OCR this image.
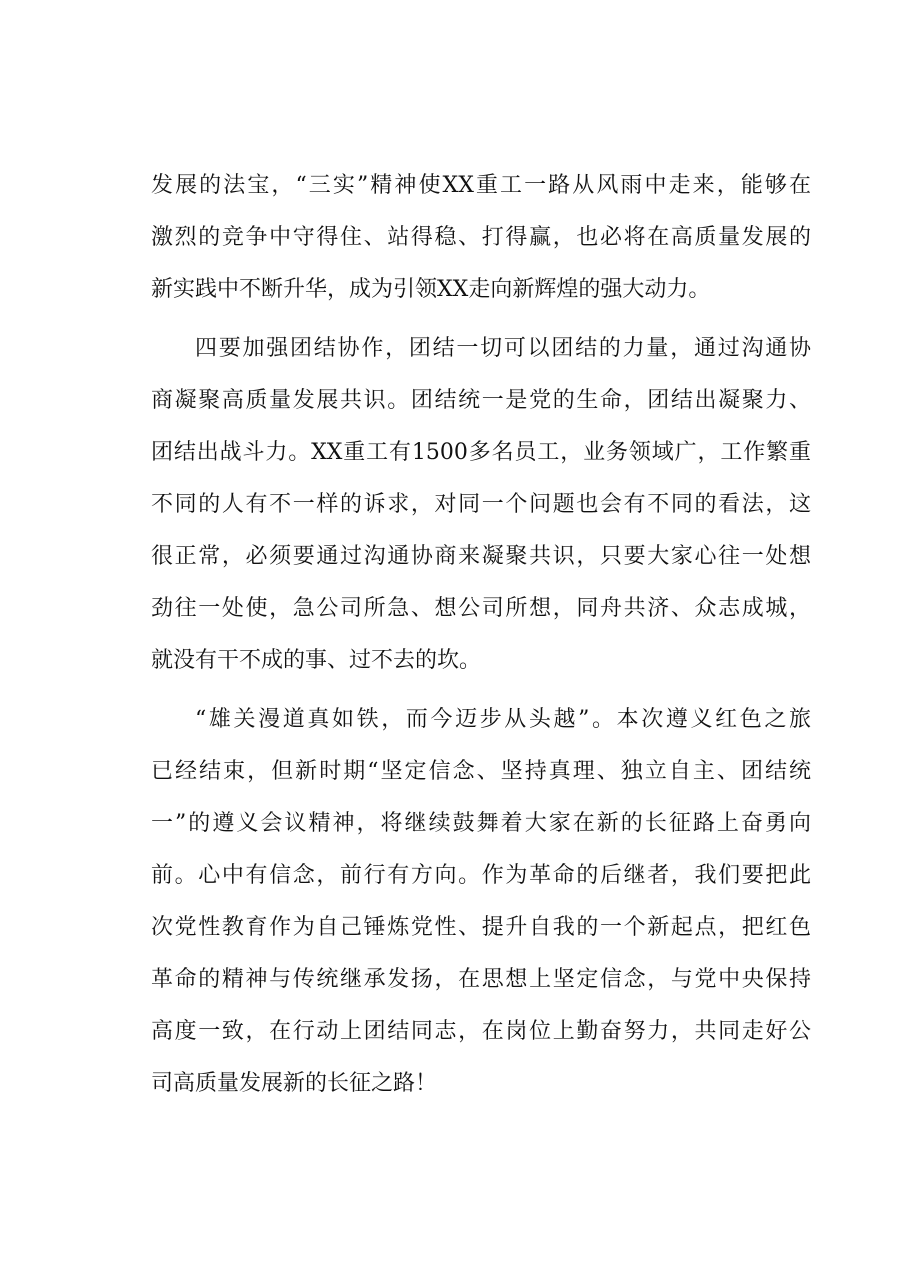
发展的法宝，“三实”精神使XX重工一路从风雨中走来，能够在
激烈的竞争中守得住、站得稳、打得赢，也必将在高质量发展的
新实践中不断升华，成为引领XX走向新辉煌的强大动力。
四要加强团结协作，团结一切可以团结的力量，通过沟通协
商凝聚高质量发展共识。团结统一是党的生命，团结出凝聚力、
团结出战斗力。XX重工有1500多名员工，业务领域广，工作繁重
不同的人有不一样的诉求，对同一个问题也会有不同的看法，这
很正常，必须要通过沟通协商来凝聚共识，只要大家心往一处想
劲往一处使，急公司所急、想公司所想，同舟共济、众志成城，
就没有干不成的事、过不去的坎。
“雄关漫道真如铁，而今迈步从头越”。本次遵义红色之旅
已经结束，但新时期“坚定信念、坚持真理、独立自主、团结统
一”的遵义会议精神，将继续鼓舞着大家在新的长征路上奋勇向
前。心中有信念，前行有方向。作为革命的后继者，我们要把此
次党性教育作为自己锤炼党性、提升自我的一个新起点，把红色
革命的精神与传统继承发扬，在思想上坚定信念，与党中央保持
高度一致，在行动上团结同志，在岗位上勤奋努力，共同走好公
司高质量发展新的长征之路！
